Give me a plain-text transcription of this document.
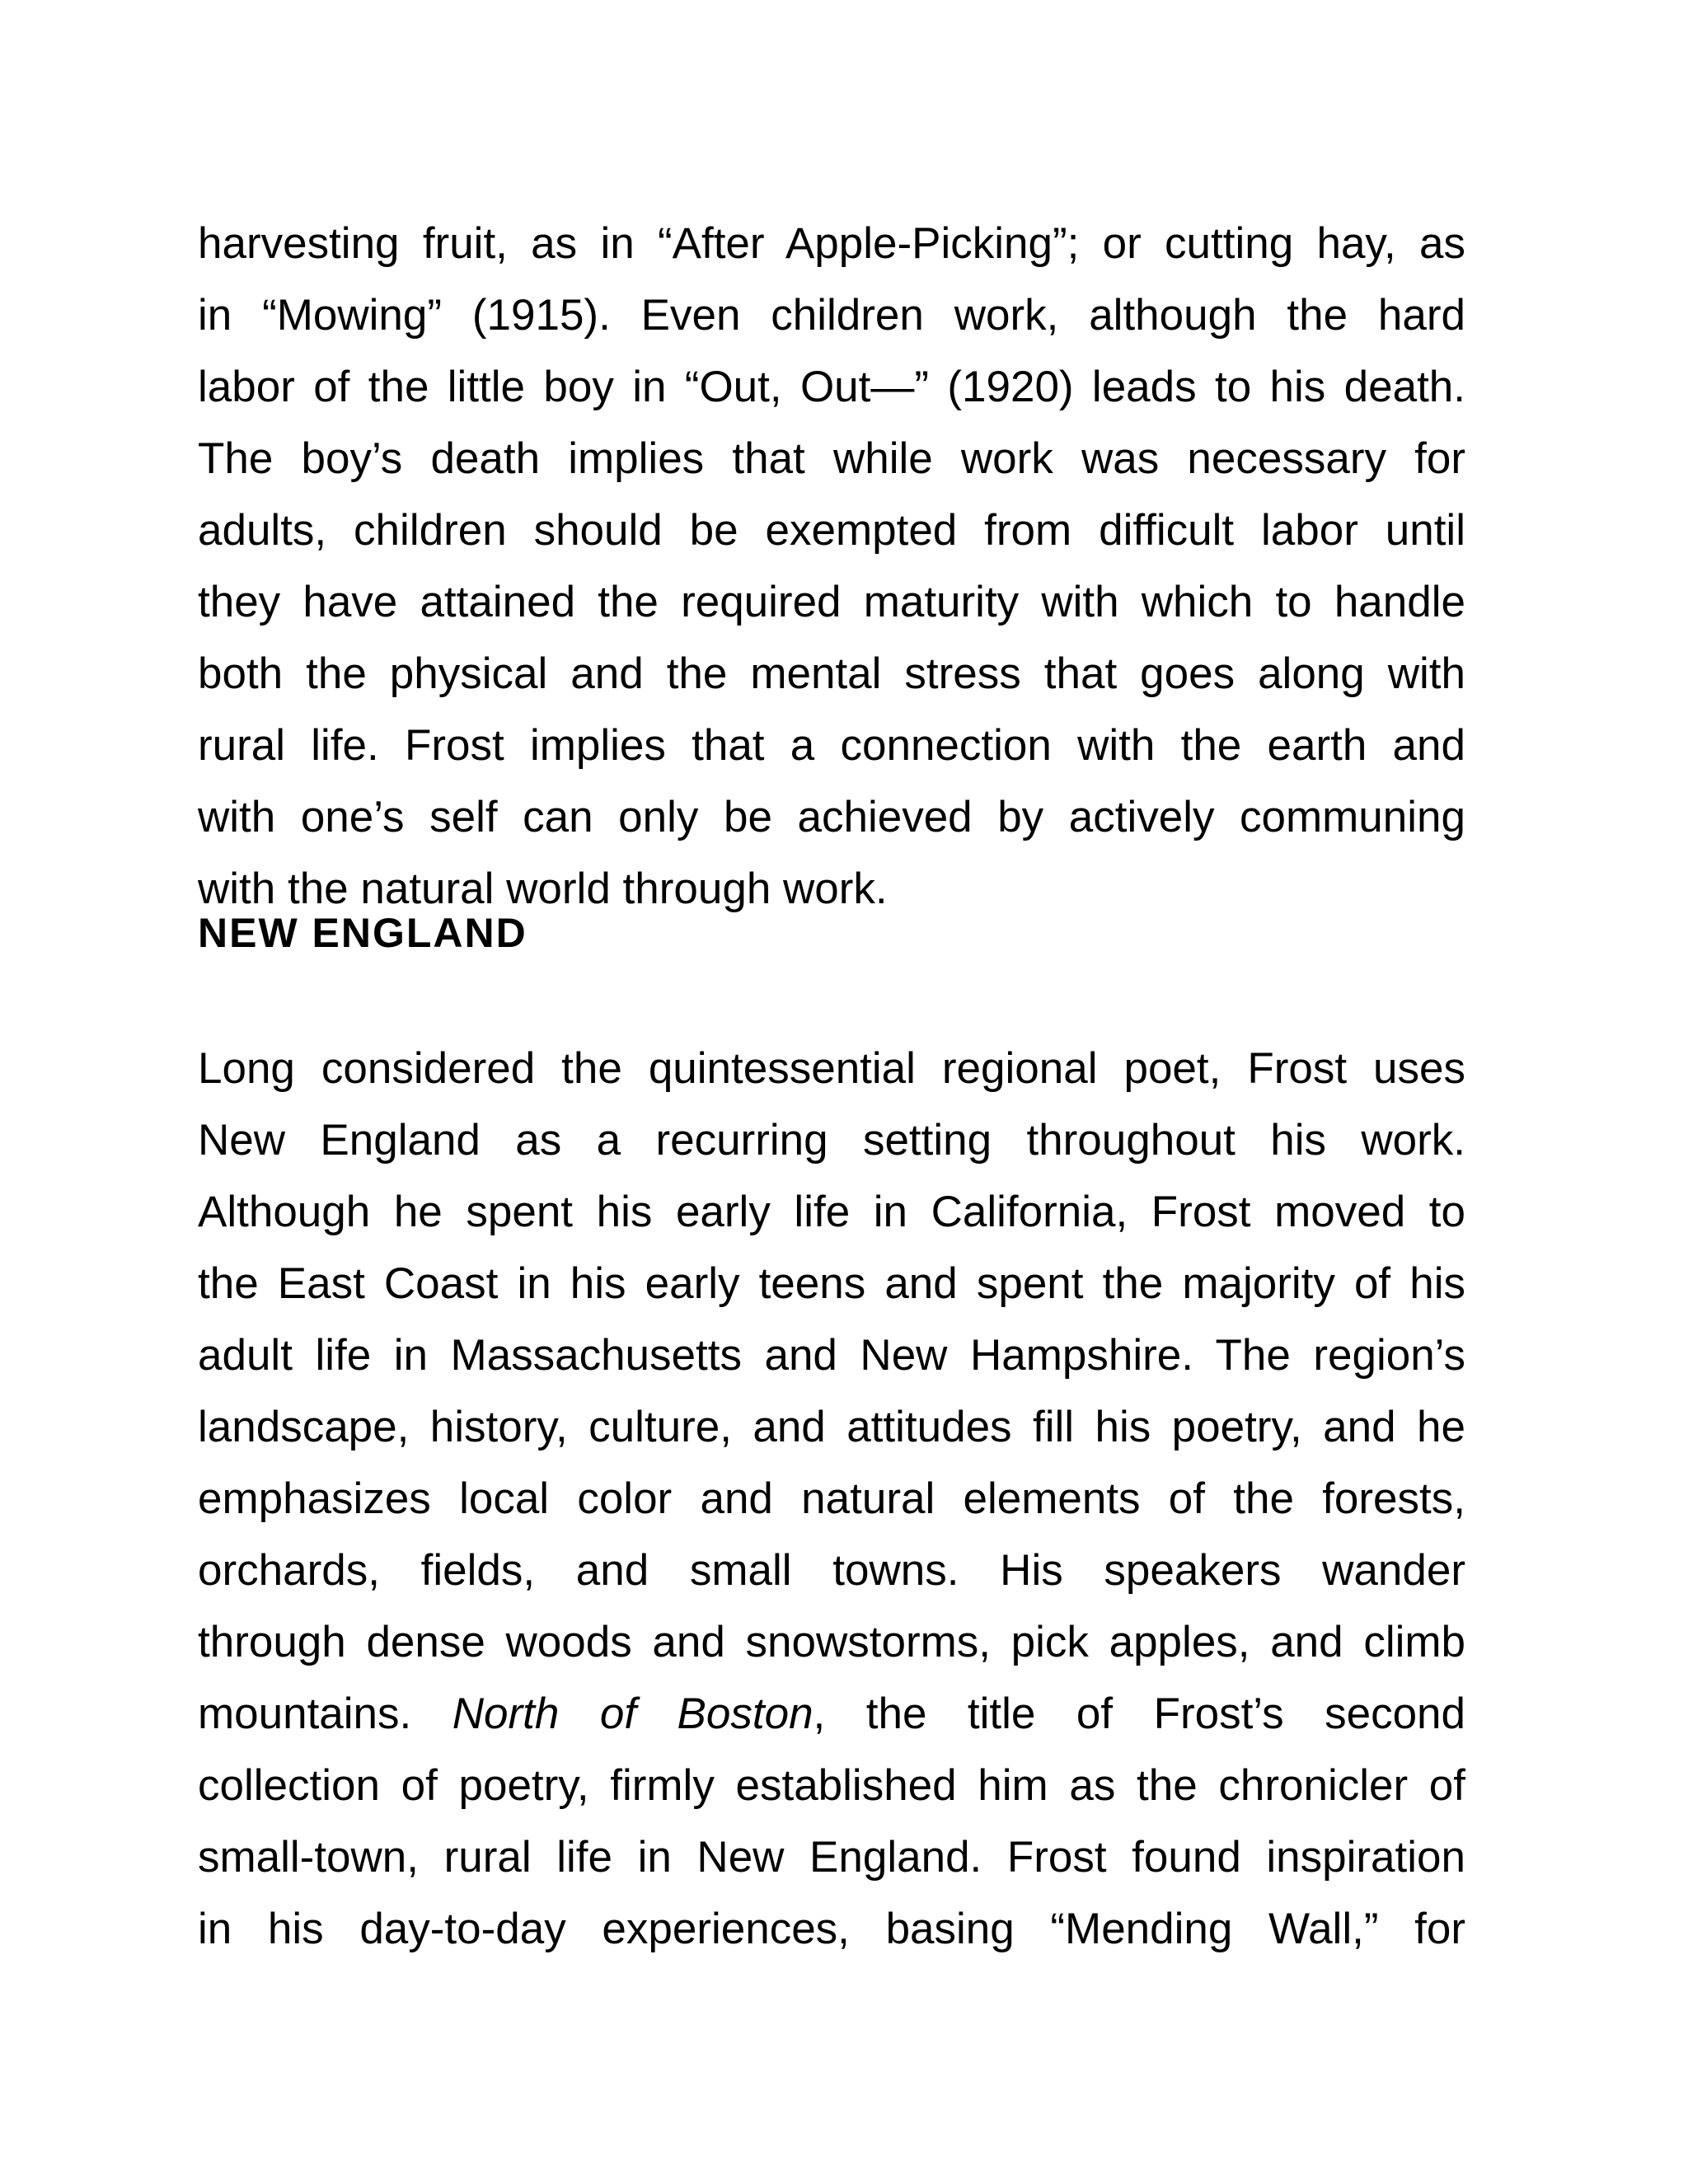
harvesting fruit, as in “After Apple-Picking”; or cutting hay, as
in “Mowing” (1915). Even children work, although the hard
labor of the little boy in “Out, Out—” (1920) leads to his death.
The boy’s death implies that while work was necessary for
adults, children should be exempted from difficult labor until
they have attained the required maturity with which to handle
both the physical and the mental stress that goes along with
rural life. Frost implies that a connection with the earth and
with one’s self can only be achieved by actively communing
with the natural world through work.
NEW ENGLAND
Long considered the quintessential regional poet, Frost uses
New England as a recurring setting throughout his work.
Although he spent his early life in California, Frost moved to
the East Coast in his early teens and spent the majority of his
adult life in Massachusetts and New Hampshire. The region’s
landscape, history, culture, and attitudes fill his poetry, and he
emphasizes local color and natural elements of the forests,
orchards, fields, and small towns. His speakers wander
through dense woods and snowstorms, pick apples, and climb
mountains. North of Boston, the title of Frost’s second
collection of poetry, firmly established him as the chronicler of
small-town, rural life in New England. Frost found inspiration
in his day-to-day experiences, basing “Mending Wall,” for
